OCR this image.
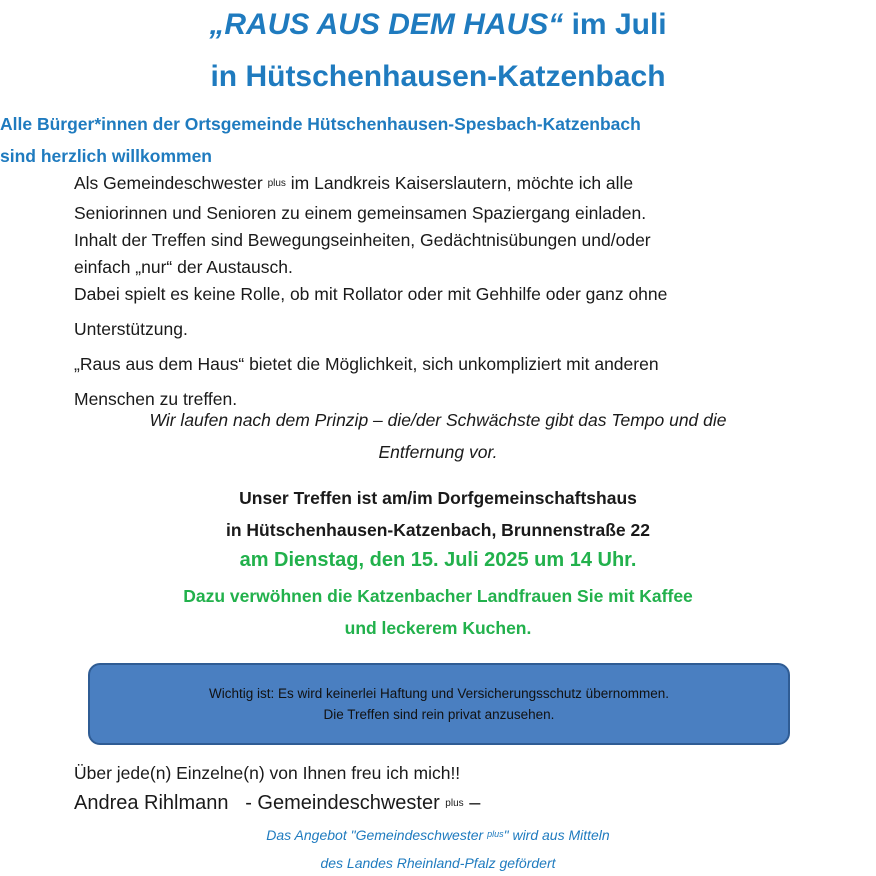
„RAUS AUS DEM HAUS“ im Juli
in Hütschenhausen-Katzenbach
Alle Bürger*innen der Ortsgemeinde Hütschenhausen-Spesbach-Katzenbach
sind herzlich willkommen

Als Gemeindeschwester $^{plus}$ im Landkreis Kaiserslautern, möchte ich alle

Seniorinnen und Senioren zu einem gemeinsamen Spaziergang einladen.

Inhalt der Treffen sind Bewegungseinheiten, Gedächtnisübungen und/oder

einfach „nur“ der Austausch.

Dabei spielt es keine Rolle, ob mit Rollator oder mit Gehhilfe oder ganz ohne

Unterstützung.

„Raus aus dem Haus“ bietet die Möglichkeit, sich unkompliziert mit anderen

Menschen zu treffen.

Wir laufen nach dem Prinzip – die/der Schwächste gibt das Tempo und die
Entfernung vor.
Unser Treffen ist am/im Dorfgemeinschaftshaus
in Hütschenhausen-Katzenbach, Brunnenstraße 22
am Dienstag, den 15. Juli 2025 um 14 Uhr.
Dazu verwöhnen die Katzenbacher Landfrauen Sie mit Kaffee
und leckerem Kuchen.
Wichtig ist: Es wird keinerlei Haftung und Versicherungsschutz übernommen.
Die Treffen sind rein privat anzusehen.
Über jede(n) Einzelne(n) von Ihnen freu ich mich!!
Andrea Rihlmann   - Gemeindeschwester $^{plus}$ –
Das Angebot "Gemeindeschwester $^{plus}$" wird aus Mitteln
des Landes Rheinland-Pfalz gefördert
